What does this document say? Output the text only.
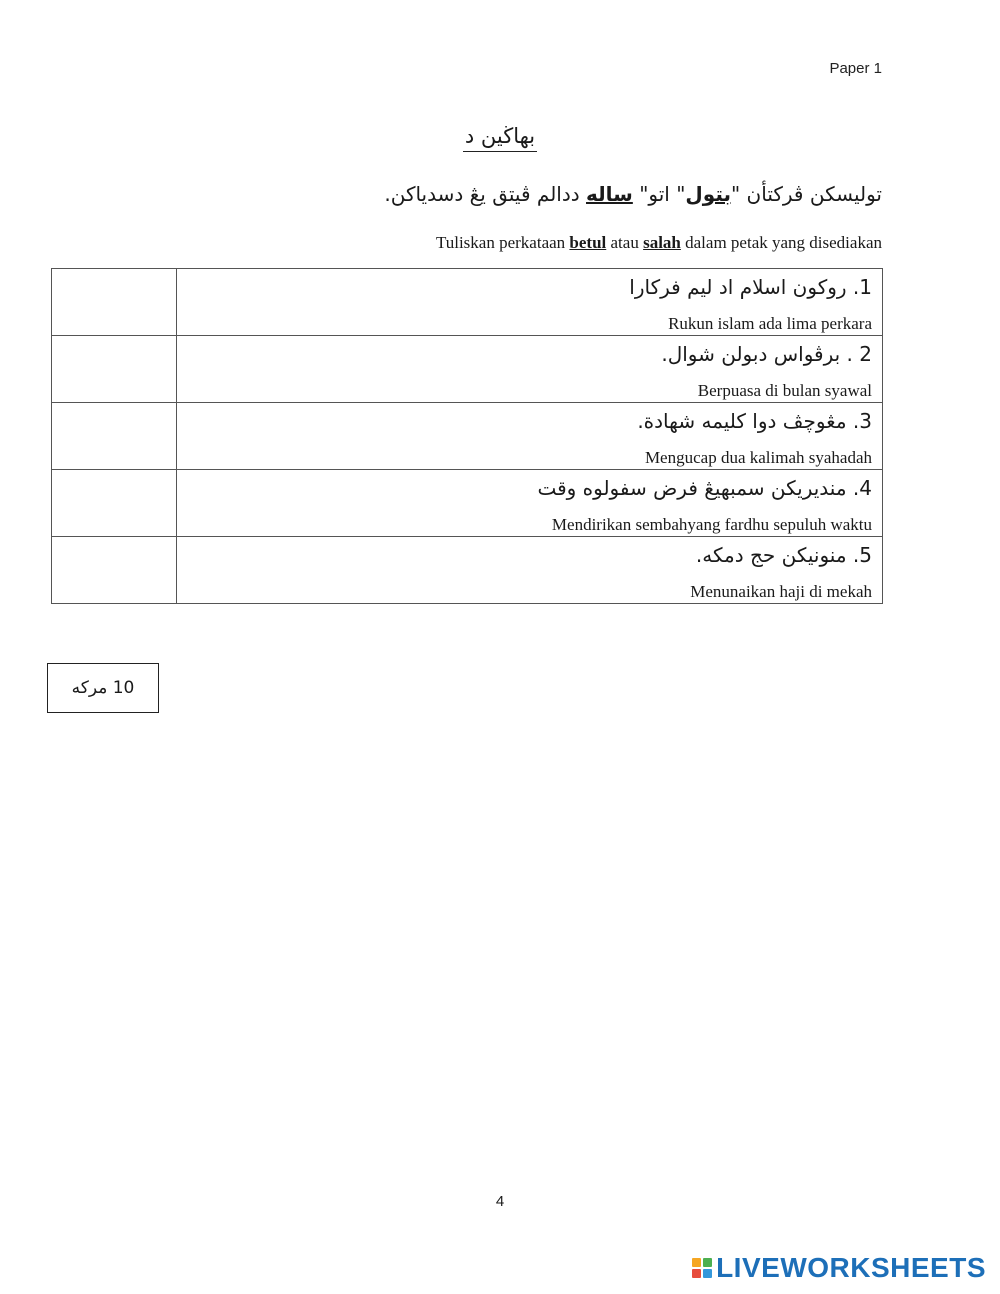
Paper 1
بهاڬين د
توليسکن ڤرکتأن "بتول" اتو" ساله ددالم ڤيتق يڠ دسدياکن.
Tuliskan perkataan betul atau salah dalam petak yang disediakan

	1. روکون اسلام اد ليم فرکارا
Rukun islam ada lima perkara

	2 . برڤواس دبولن شوال.
Berpuasa di bulan syawal

	3. مڠوچڤ دوا کليمه شهادة.
Mengucap dua kalimah syahadah

	4. منديريکن سمبهيڠ فرض سفولوه وقت
Mendirikan sembahyang fardhu sepuluh waktu

	5. منونيکن حج دمکه.
Menunaikan haji di mekah
10 مرکه
4
LIVEWORKSHEETS
